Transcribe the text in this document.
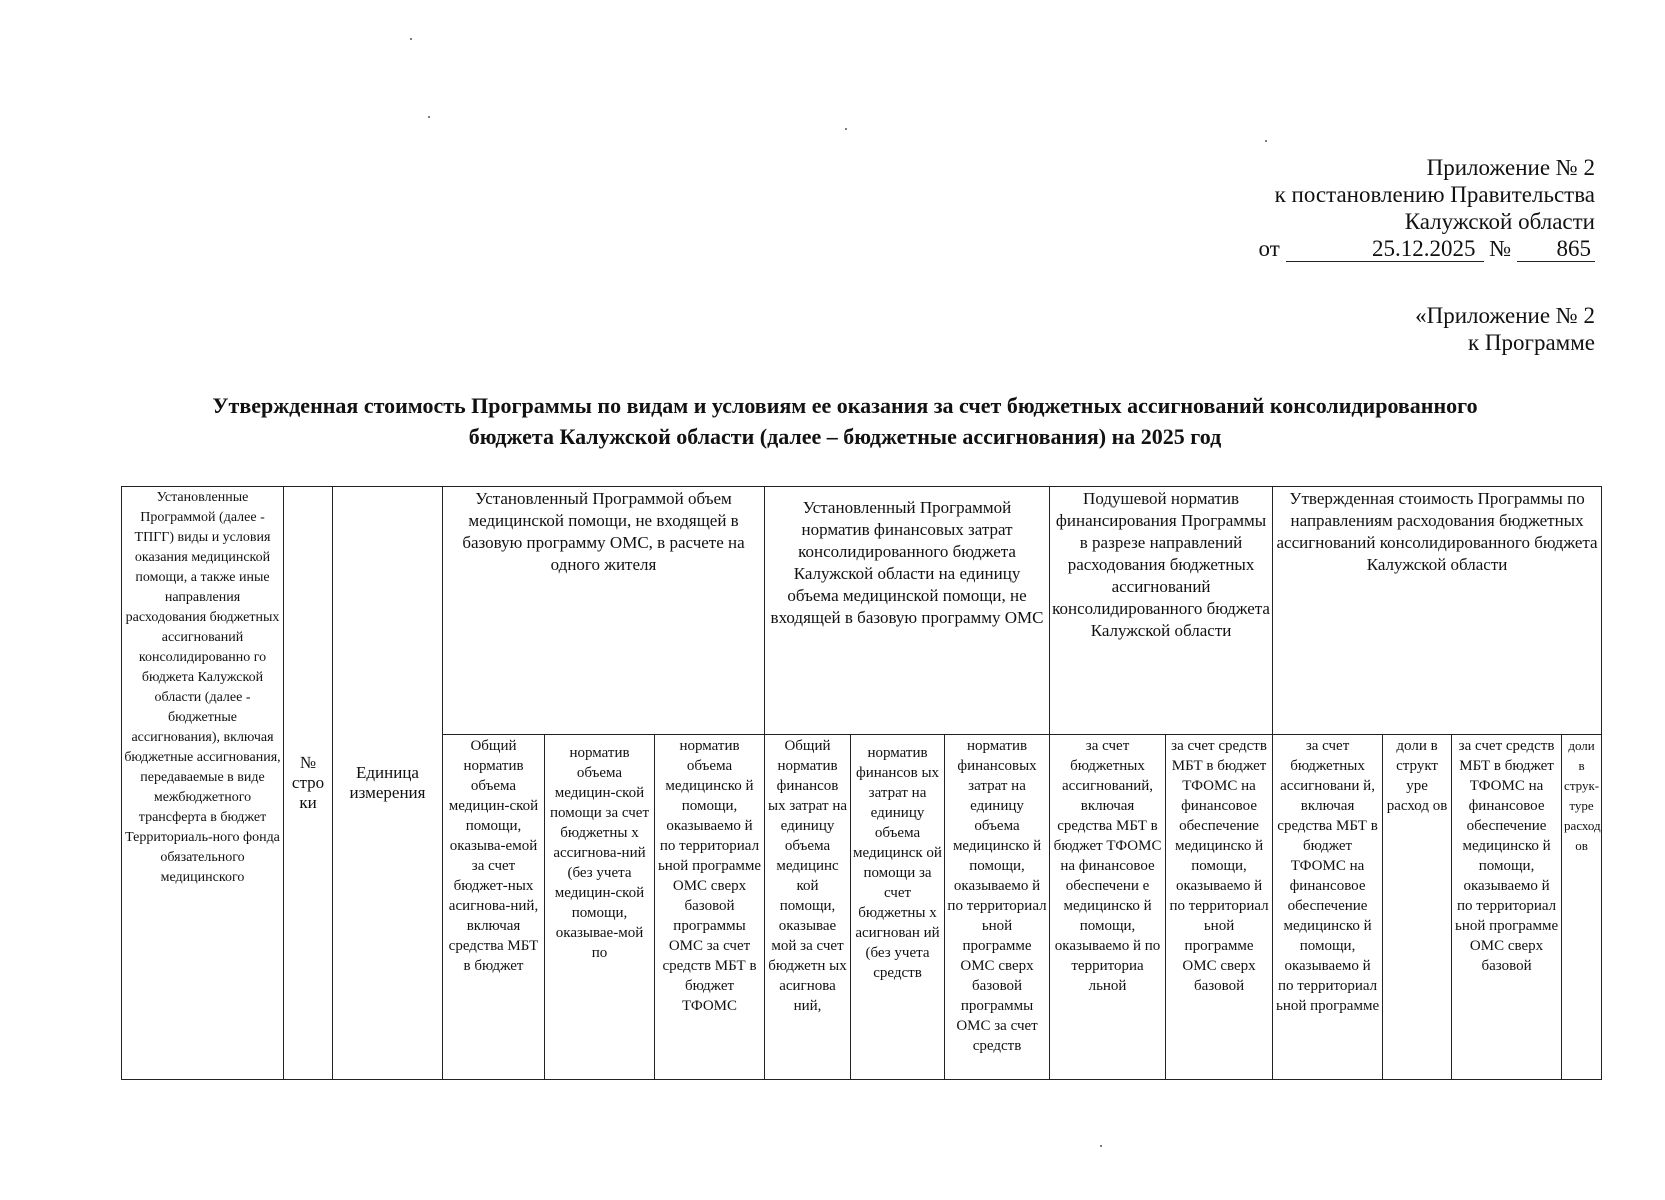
Приложение № 2
к постановлению Правительства
Калужской области
от	25.12.2025 № 865
«Приложение № 2
к Программе
Утвержденная стоимость Программы по видам и условиям ее оказания за счет бюджетных ассигнований консолидированного
бюджета Калужской области (далее – бюджетные ассигнования) на 2025 год
Установленные Программой (далее - ТПГГ) виды и условия оказания медицинской помощи, а также иные направления расходования бюджетных ассигнований консолидированно го бюджета Калужской области (далее - бюджетные ассигнования), включая бюджетные ассигнования, передаваемые в виде межбюджетного трансферта в бюджет Территориаль-ного фонда обязательного медицинского	№ стро ки	Единица измерения	Установленный Программой объем медицинской помощи, не входящей в базовую программу ОМС, в расчете на одного жителя			Установленный Программой норматив финансовых затрат консолидированного бюджета Калужской области на единицу объема медицинской помощи, не входящей в базовую программу ОМС			Подушевой норматив финансирования Программы в разрезе направлений расходования бюджетных ассигнований консолидированного бюджета Калужской области		Утвержденная стоимость Программы по направлениям расходования бюджетных ассигнований консолидированного бюджета Калужской области			

			Общий норматив объема медицин-ской помощи, оказыва-емой за счет бюджет-ных асигнова-ний, включая средства МБТ в бюджет	норматив объема медицин-ской помощи за счет бюджетны х ассигнова-ний (без учета медицин-ской помощи, оказывае-мой по	норматив объема медицинско й помощи, оказываемо й по территориал ьной программе ОМС сверх базовой программы ОМС за счет средств МБТ в бюджет ТФОМС	Общий норматив финансов ых затрат на единицу объема медицинс кой помощи, оказывае мой за счет бюджетн ых асигнова ний,	норматив финансов ых затрат на единицу объема медицинск ой помощи за счет бюджетны х асигнован ий (без учета средств	норматив финансовых затрат на единицу объема медицинско й помощи, оказываемо й по территориал ьной программе ОМС сверх базовой программы ОМС за счет средств	за счет бюджетных ассигнований, включая средства МБТ в бюджет ТФОМС на финансовое обеспечени е медицинско й помощи, оказываемо й по территориа льной	за счет средств МБТ в бюджет ТФОМС на финансовое обеспечение медицинско й помощи, оказываемо й по территориал ьной программе ОМС сверх базовой	за счет бюджетных ассигновани й, включая средства МБТ в бюджет ТФОМС на финансовое обеспечение медицинско й помощи, оказываемо й по территориал ьной программе	доли в структ уре расход ов	за счет средств МБТ в бюджет ТФОМС на финансовое обеспечение медицинско й помощи, оказываемо й по территориал ьной программе ОМС сверх базовой	доли в струк-туре расход ов
